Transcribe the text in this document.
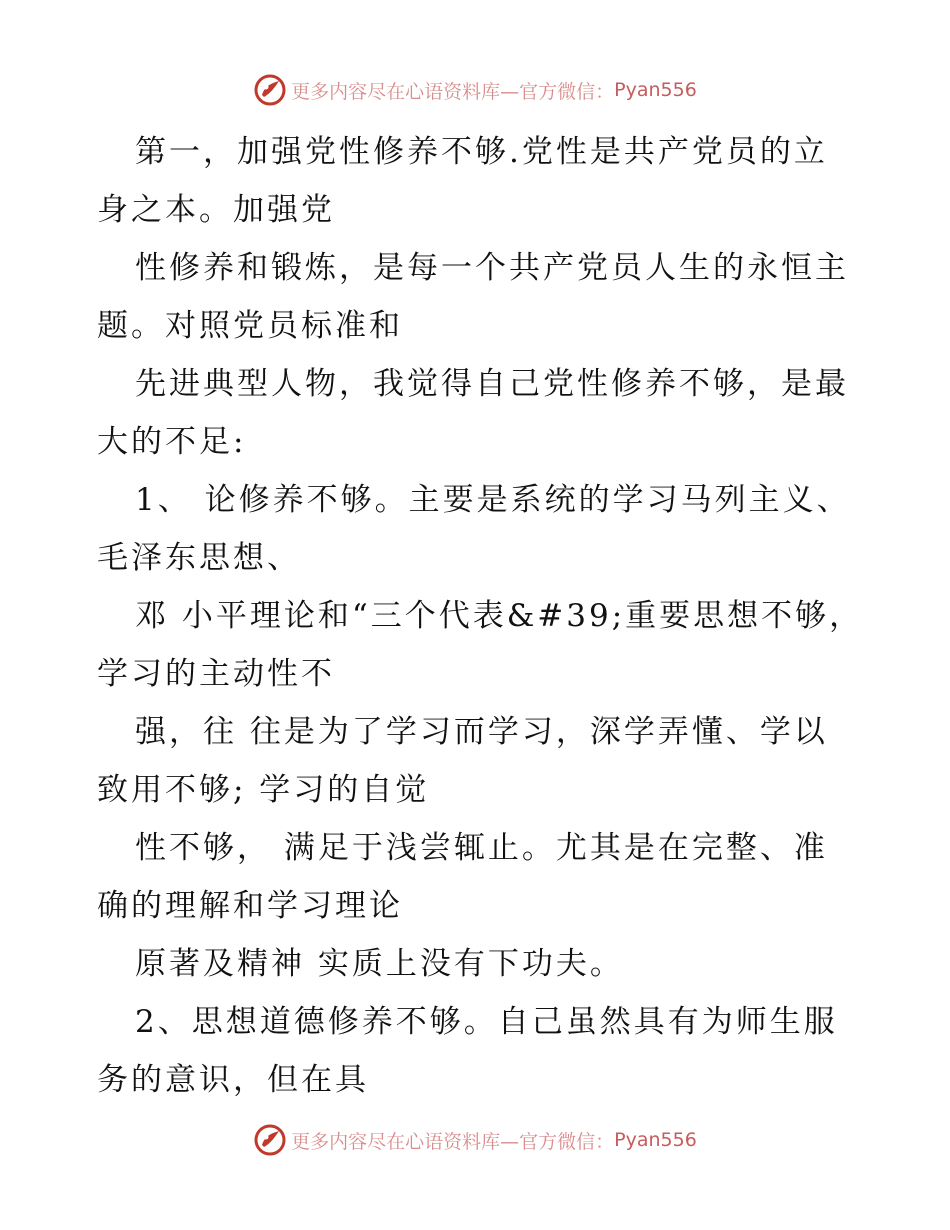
更多内容尽在心语资料库—官方微信： Pyan556

第一，加强党性修养不够.党性是共产党员的立
身之本。加强党

性修养和锻炼，是每一个共产党员人生的永恒主
题。对照党员标准和

先进典型人物，我觉得自己党性修养不够，是最
大的不足:

1、 论修养不够。主要是系统的学习马列主义、
毛泽东思想、

邓 小平理论和“三个代表&#39;重要思想不够，
学习的主动性不

强，往 往是为了学习而学习，深学弄懂、学以
致用不够; 学习的自觉

性不够， 满足于浅尝辄止。尤其是在完整、准
确的理解和学习理论

原著及精神 实质上没有下功夫。

2、思想道德修养不够。自己虽然具有为师生服
务的意识，但在具

更多内容尽在心语资料库—官方微信： Pyan556
